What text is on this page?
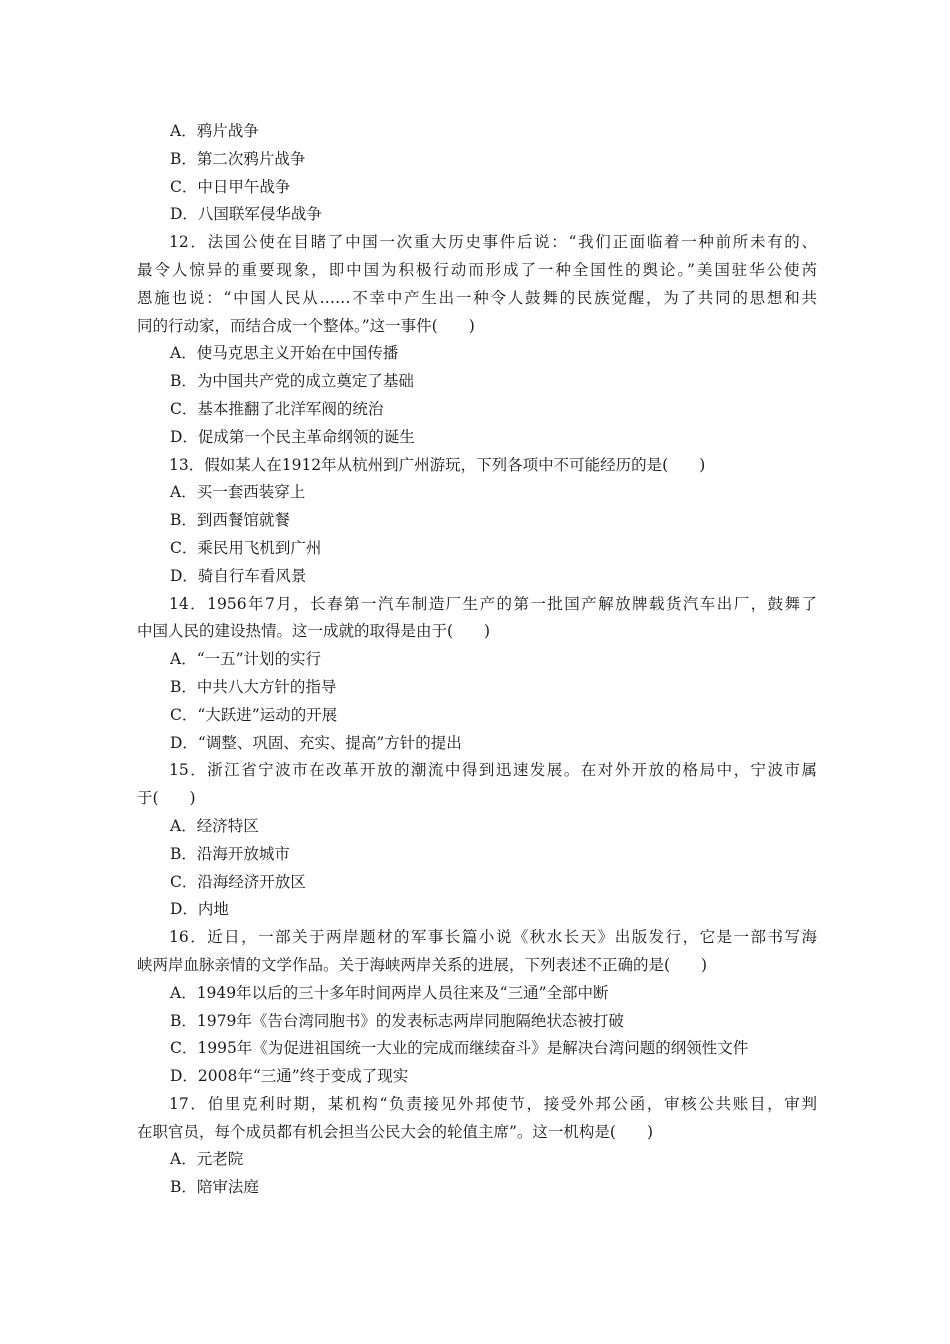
A．鸦片战争
B．第二次鸦片战争
C．中日甲午战争
D．八国联军侵华战争
12．法国公使在目睹了中国一次重大历史事件后说：“我们正面临着一种前所未有的、
最令人惊异的重要现象，即中国为积极行动而形成了一种全国性的舆论。”美国驻华公使芮
恩施也说：“中国人民从……不幸中产生出一种令人鼓舞的民族觉醒，为了共同的思想和共
同的行动家，而结合成一个整体。”这一事件(　　)
A．使马克思主义开始在中国传播
B．为中国共产党的成立奠定了基础
C．基本推翻了北洋军阀的统治
D．促成第一个民主革命纲领的诞生
13．假如某人在1912年从杭州到广州游玩，下列各项中不可能经历的是(　　)
A．买一套西装穿上
B．到西餐馆就餐
C．乘民用飞机到广州
D．骑自行车看风景
14．1956年7月，长春第一汽车制造厂生产的第一批国产解放牌载货汽车出厂，鼓舞了
中国人民的建设热情。这一成就的取得是由于(　　)
A．“一五”计划的实行
B．中共八大方针的指导
C．“大跃进”运动的开展
D．“调整、巩固、充实、提高”方针的提出
15．浙江省宁波市在改革开放的潮流中得到迅速发展。在对外开放的格局中，宁波市属
于(　　)
A．经济特区
B．沿海开放城市
C．沿海经济开放区
D．内地
16．近日，一部关于两岸题材的军事长篇小说《秋水长天》出版发行，它是一部书写海
峡两岸血脉亲情的文学作品。关于海峡两岸关系的进展，下列表述不正确的是(　　)
A．1949年以后的三十多年时间两岸人员往来及“三通”全部中断
B．1979年《告台湾同胞书》的发表标志两岸同胞隔绝状态被打破
C．1995年《为促进祖国统一大业的完成而继续奋斗》是解决台湾问题的纲领性文件
D．2008年“三通”终于变成了现实
17．伯里克利时期，某机构“负责接见外邦使节，接受外邦公函，审核公共账目，审判
在职官员，每个成员都有机会担当公民大会的轮值主席”。这一机构是(　　)
A．元老院
B．陪审法庭
